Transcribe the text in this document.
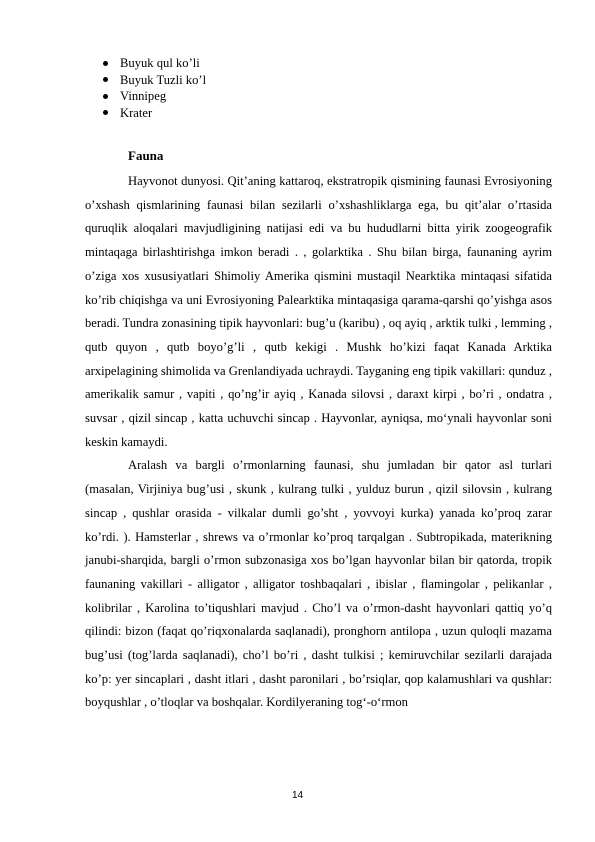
Buyuk qul ko’li
Buyuk Tuzli ko’l
Vinnipeg
Krater
Fauna

Hayvonot dunyosi. Qit’aning kattaroq, ekstratropik qismining faunasi Evrosiyoning o’xshash qismlarining faunasi bilan sezilarli o’xshashliklarga ega, bu qit’alar o’rtasida quruqlik aloqalari mavjudligining natijasi edi va bu hududlarni bitta yirik zoogeografik mintaqaga birlashtirishga imkon beradi . , golarktika . Shu bilan birga, faunaning ayrim o’ziga xos xususiyatlari Shimoliy Amerika qismini mustaqil Nearktika mintaqasi sifatida ko’rib chiqishga va uni Evrosiyoning Palearktika mintaqasiga qarama-qarshi qo’yishga asos beradi. Tundra zonasining tipik hayvonlari: bug’u (karibu) , oq ayiq , arktik tulki , lemming , qutb quyon , qutb boyo’g’li , qutb kekigi . Mushk ho’kizi faqat Kanada Arktika arxipelagining shimolida va Grenlandiyada uchraydi. Tayganing eng tipik vakillari: qunduz , amerikalik samur , vapiti , qo’ng’ir ayiq , Kanada silovsi , daraxt kirpi , bo’ri , ondatra , suvsar , qizil sincap , katta uchuvchi sincap . Hayvonlar, ayniqsa, mo‘ynali hayvonlar soni keskin kamaydi.

Aralash va bargli o’rmonlarning faunasi, shu jumladan bir qator asl turlari (masalan, Virjiniya bug’usi , skunk , kulrang tulki , yulduz burun , qizil silovsin , kulrang sincap , qushlar orasida - vilkalar dumli go’sht , yovvoyi kurka) yanada ko’proq zarar ko’rdi. ). Hamsterlar , shrews va o’rmonlar ko’proq tarqalgan . Subtropikada, materikning janubi-sharqida, bargli o’rmon subzonasiga xos bo’lgan hayvonlar bilan bir qatorda, tropik faunaning vakillari - alligator , alligator toshbaqalari , ibislar , flamingolar , pelikanlar , kolibrilar , Karolina to’tiqushlari mavjud . Cho’l va o’rmon-dasht hayvonlari qattiq yo’q qilindi: bizon (faqat qo’riqxonalarda saqlanadi), pronghorn antilopa , uzun quloqli mazama bug’usi (tog’larda saqlanadi), cho’l bo’ri , dasht tulkisi ; kemiruvchilar sezilarli darajada ko’p: yer sincaplari , dasht itlari , dasht paronilari , bo’rsiqlar, qop kalamushlari va qushlar: boyqushlar , o’tloqlar va boshqalar. Kordilyeraning tog‘-o‘rmon

14
